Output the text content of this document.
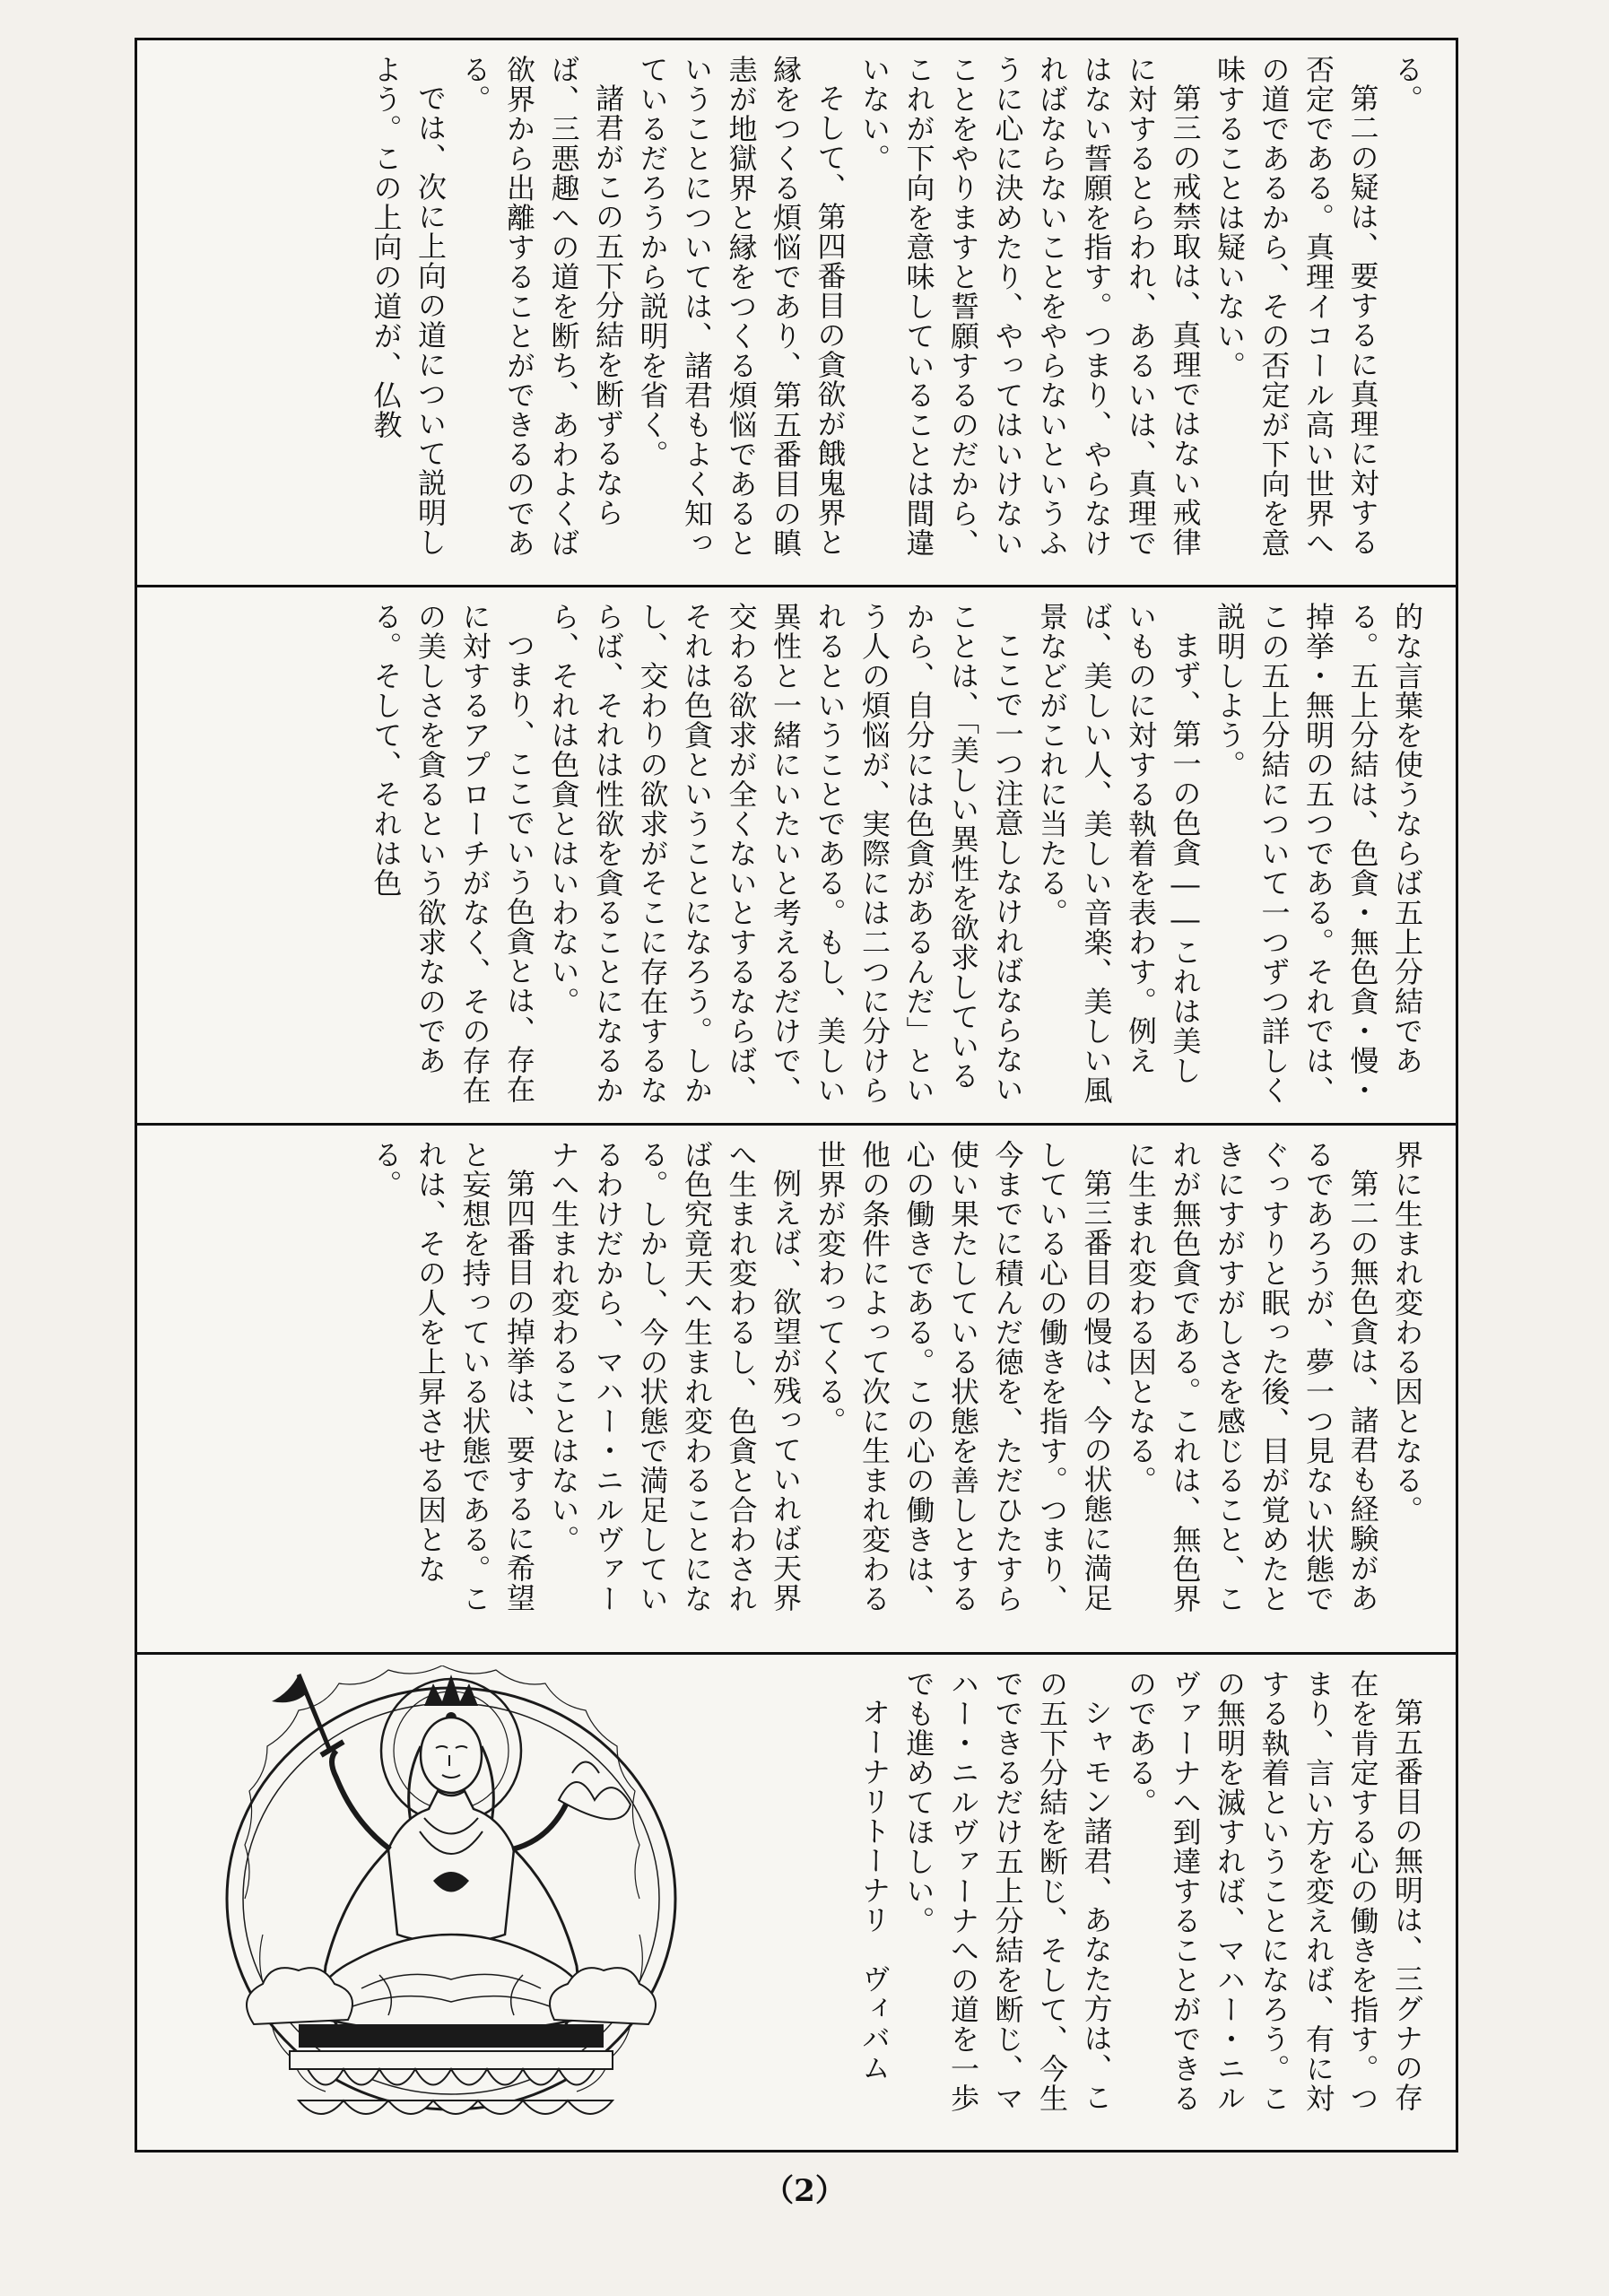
る。

第二の疑は、要するに真理に対する否定である。真理イコール高い世界への道であるから、その否定が下向を意味することは疑いない。

第三の戒禁取は、真理ではない戒律に対するとらわれ、あるいは、真理ではない誓願を指す。つまり、やらなければならないことをやらないというふうに心に決めたり、やってはいけないことをやりますと誓願するのだから、これが下向を意味していることは間違いない。

そして、第四番目の貪欲が餓鬼界と縁をつくる煩悩であり、第五番目の瞋恚が地獄界と縁をつくる煩悩であるということについては、諸君もよく知っているだろうから説明を省く。

諸君がこの五下分結を断ずるならば、三悪趣への道を断ち、あわよくば欲界から出離することができるのである。

では、次に上向の道について説明しよう。この上向の道が、仏教

的な言葉を使うならば五上分結である。五上分結は、色貪・無色貪・慢・掉挙・無明の五つである。それでは、この五上分結について一つずつ詳しく説明しよう。

まず、第一の色貪――これは美しいものに対する執着を表わす。例えば、美しい人、美しい音楽、美しい風景などがこれに当たる。

ここで一つ注意しなければならないことは、「美しい異性を欲求しているから、自分には色貪があるんだ」という人の煩悩が、実際には二つに分けられるということである。もし、美しい異性と一緒にいたいと考えるだけで、交わる欲求が全くないとするならば、それは色貪ということになろう。しかし、交わりの欲求がそこに存在するならば、それは性欲を貪ることになるから、それは色貪とはいわない。

つまり、ここでいう色貪とは、存在に対するアプローチがなく、その存在の美しさを貪るという欲求なのである。そして、それは色

界に生まれ変わる因となる。

第二の無色貪は、諸君も経験があるであろうが、夢一つ見ない状態でぐっすりと眠った後、目が覚めたときにすがすがしさを感じること、これが無色貪である。これは、無色界に生まれ変わる因となる。

第三番目の慢は、今の状態に満足している心の働きを指す。つまり、今までに積んだ徳を、ただひたすら使い果たしている状態を善しとする心の働きである。この心の働きは、他の条件によって次に生まれ変わる世界が変わってくる。

例えば、欲望が残っていれば天界へ生まれ変わるし、色貪と合わされば色究竟天へ生まれ変わることになる。しかし、今の状態で満足しているわけだから、マハー・ニルヴァーナへ生まれ変わることはない。

第四番目の掉挙は、要するに希望と妄想を持っている状態である。これは、その人を上昇させる因となる。

第五番目の無明は、三グナの存在を肯定する心の働きを指す。つまり、言い方を変えれば、有に対する執着ということになろう。この無明を滅すれば、マハー・ニルヴァーナへ到達することができるのである。

シャモン諸君、あなた方は、この五下分結を断じ、そして、今生でできるだけ五上分結を断じ、マハー・ニルヴァーナへの道を一歩でも進めてほしい。

オーナリトーナリ　ヴィバム

（2）
